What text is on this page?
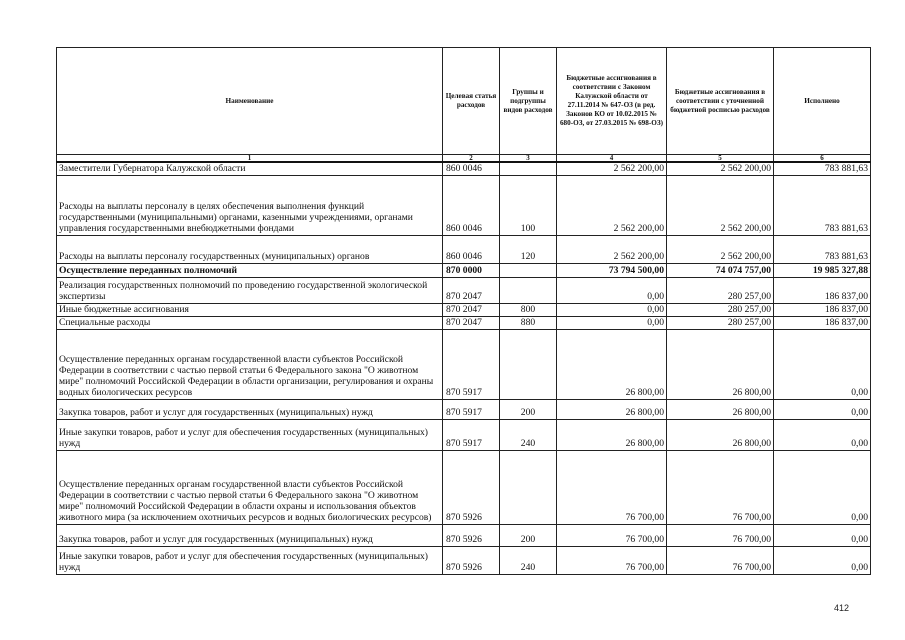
Наименование	Целевая статья расходов	Группы и подгруппы видов расходов	Бюджетные ассигнования в соответствии с Законом Калужской области от 27.11.2014 № 647-ОЗ (в ред. Законов КО от 10.02.2015 № 680-ОЗ, от 27.03.2015 № 698-ОЗ)	Бюджетные ассигнования в соответствии с уточненной бюджетной росписью расходов	Исполнено
1	2	3	4	5	6
Заместители Губернатора Калужской области	860 0046		2 562 200,00	2 562 200,00	783 881,63
Расходы на выплаты персоналу в целях обеспечения выполнения функций государственными (муниципальными) органами, казенными учреждениями, органами управления государственными внебюджетными фондами	860 0046	100	2 562 200,00	2 562 200,00	783 881,63
Расходы на выплаты персоналу государственных (муниципальных) органов	860 0046	120	2 562 200,00	2 562 200,00	783 881,63
Осуществление переданных полномочий	870 0000		73 794 500,00	74 074 757,00	19 985 327,88
Реализация государственных полномочий по проведению государственной экологической экспертизы	870 2047		0,00	280 257,00	186 837,00
Иные бюджетные ассигнования	870 2047	800	0,00	280 257,00	186 837,00
Специальные расходы	870 2047	880	0,00	280 257,00	186 837,00
Осуществление переданных органам государственной власти субъектов Российской Федерации в соответствии с частью первой статьи 6 Федерального закона "О животном мире" полномочий Российской Федерации в области организации, регулирования и охраны водных биологических ресурсов	870 5917		26 800,00	26 800,00	0,00
Закупка товаров, работ и услуг для государственных (муниципальных) нужд	870 5917	200	26 800,00	26 800,00	0,00
Иные закупки товаров, работ и услуг для обеспечения государственных (муниципальных) нужд	870 5917	240	26 800,00	26 800,00	0,00
Осуществление переданных органам государственной власти субъектов Российской Федерации в соответствии с частью первой статьи 6 Федерального закона "О животном мире" полномочий Российской Федерации в области охраны и использования объектов животного мира (за исключением охотничьих ресурсов и водных биологических ресурсов)	870 5926		76 700,00	76 700,00	0,00
Закупка товаров, работ и услуг для государственных (муниципальных) нужд	870 5926	200	76 700,00	76 700,00	0,00
Иные закупки товаров, работ и услуг для обеспечения государственных (муниципальных) нужд	870 5926	240	76 700,00	76 700,00	0,00
412
